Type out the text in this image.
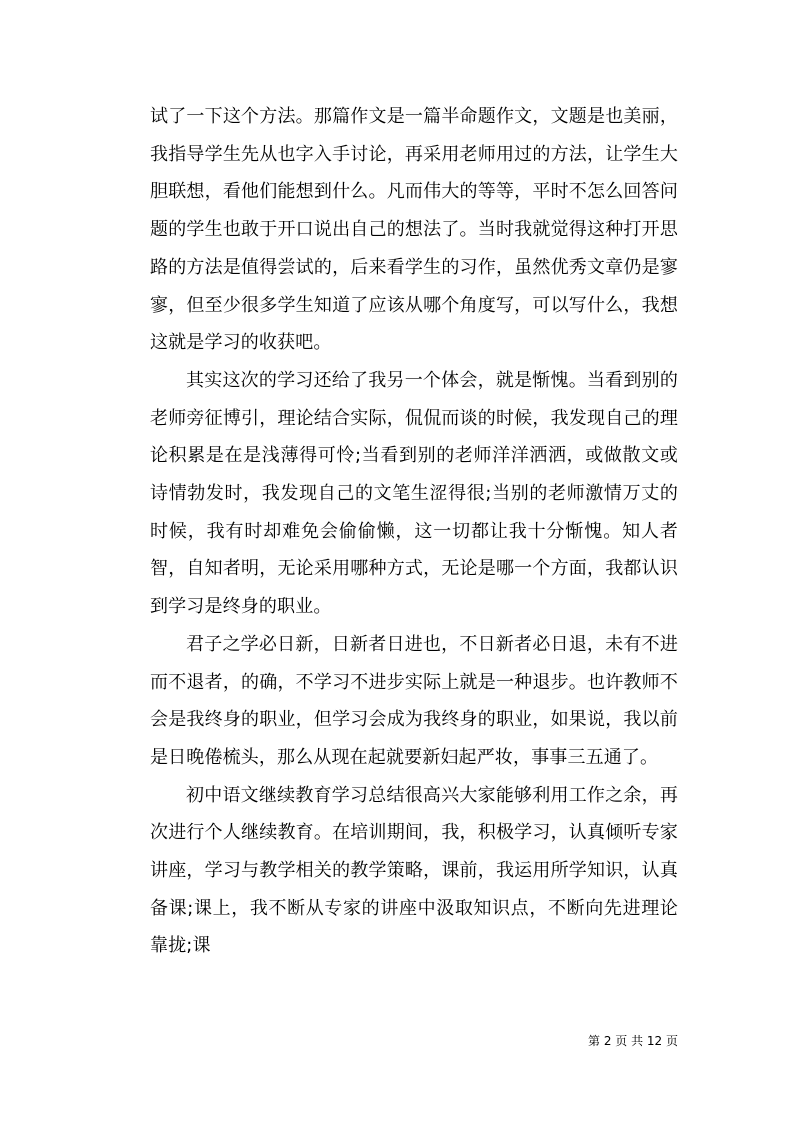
试了一下这个方法。那篇作文是一篇半命题作文，文题是也美丽，我指导学生先从也字入手讨论，再采用老师用过的方法，让学生大胆联想，看他们能想到什么。凡而伟大的等等，平时不怎么回答问题的学生也敢于开口说出自己的想法了。当时我就觉得这种打开思路的方法是值得尝试的，后来看学生的习作，虽然优秀文章仍是寥寥，但至少很多学生知道了应该从哪个角度写，可以写什么，我想这就是学习的收获吧。

其实这次的学习还给了我另一个体会，就是惭愧。当看到别的老师旁征博引，理论结合实际，侃侃而谈的时候，我发现自己的理论积累是在是浅薄得可怜;当看到别的老师洋洋洒洒，或做散文或诗情勃发时，我发现自己的文笔生涩得很;当别的老师激情万丈的时候，我有时却难免会偷偷懒，这一切都让我十分惭愧。知人者智，自知者明，无论采用哪种方式，无论是哪一个方面，我都认识到学习是终身的职业。

君子之学必日新，日新者日进也，不日新者必日退，未有不进而不退者，的确，不学习不进步实际上就是一种退步。也许教师不会是我终身的职业，但学习会成为我终身的职业，如果说，我以前是日晚倦梳头，那么从现在起就要新妇起严妆，事事三五通了。

初中语文继续教育学习总结很高兴大家能够利用工作之余，再次进行个人继续教育。在培训期间，我，积极学习，认真倾听专家讲座，学习与教学相关的教学策略，课前，我运用所学知识，认真备课;课上，我不断从专家的讲座中汲取知识点，不断向先进理论靠拢;课

第 2 页 共 12 页
